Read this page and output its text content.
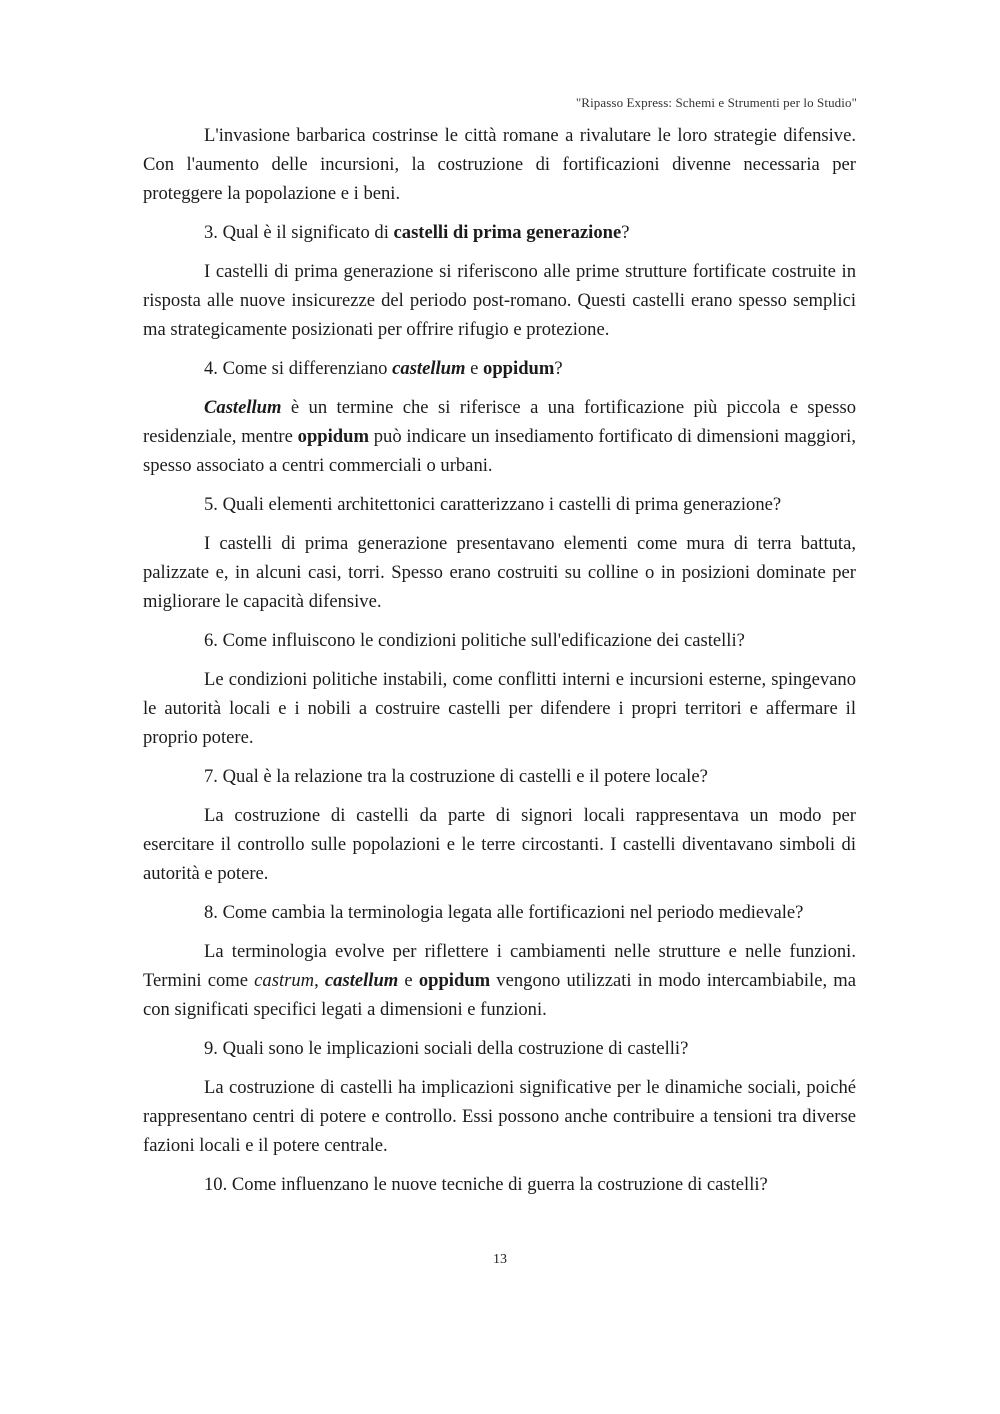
"Ripasso Express: Schemi e Strumenti per lo Studio"

L'invasione barbarica costrinse le città romane a rivalutare le loro strategie difensive. Con l'aumento delle incursioni, la costruzione di fortificazioni divenne necessaria per proteggere la popolazione e i beni.

3. Qual è il significato di castelli di prima generazione?

I castelli di prima generazione si riferiscono alle prime strutture fortificate costruite in risposta alle nuove insicurezze del periodo post-romano. Questi castelli erano spesso semplici ma strategicamente posizionati per offrire rifugio e protezione.

4. Come si differenziano castellum e oppidum?

Castellum è un termine che si riferisce a una fortificazione più piccola e spesso residenziale, mentre oppidum può indicare un insediamento fortificato di dimensioni maggiori, spesso associato a centri commerciali o urbani.

5. Quali elementi architettonici caratterizzano i castelli di prima generazione?

I castelli di prima generazione presentavano elementi come mura di terra battuta, palizzate e, in alcuni casi, torri. Spesso erano costruiti su colline o in posizioni dominate per migliorare le capacità difensive.

6. Come influiscono le condizioni politiche sull'edificazione dei castelli?

Le condizioni politiche instabili, come conflitti interni e incursioni esterne, spingevano le autorità locali e i nobili a costruire castelli per difendere i propri territori e affermare il proprio potere.

7. Qual è la relazione tra la costruzione di castelli e il potere locale?

La costruzione di castelli da parte di signori locali rappresentava un modo per esercitare il controllo sulle popolazioni e le terre circostanti. I castelli diventavano simboli di autorità e potere.

8. Come cambia la terminologia legata alle fortificazioni nel periodo medievale?

La terminologia evolve per riflettere i cambiamenti nelle strutture e nelle funzioni. Termini come castrum, castellum e oppidum vengono utilizzati in modo intercambiabile, ma con significati specifici legati a dimensioni e funzioni.

9. Quali sono le implicazioni sociali della costruzione di castelli?

La costruzione di castelli ha implicazioni significative per le dinamiche sociali, poiché rappresentano centri di potere e controllo. Essi possono anche contribuire a tensioni tra diverse fazioni locali e il potere centrale.

10. Come influenzano le nuove tecniche di guerra la costruzione di castelli?

13
